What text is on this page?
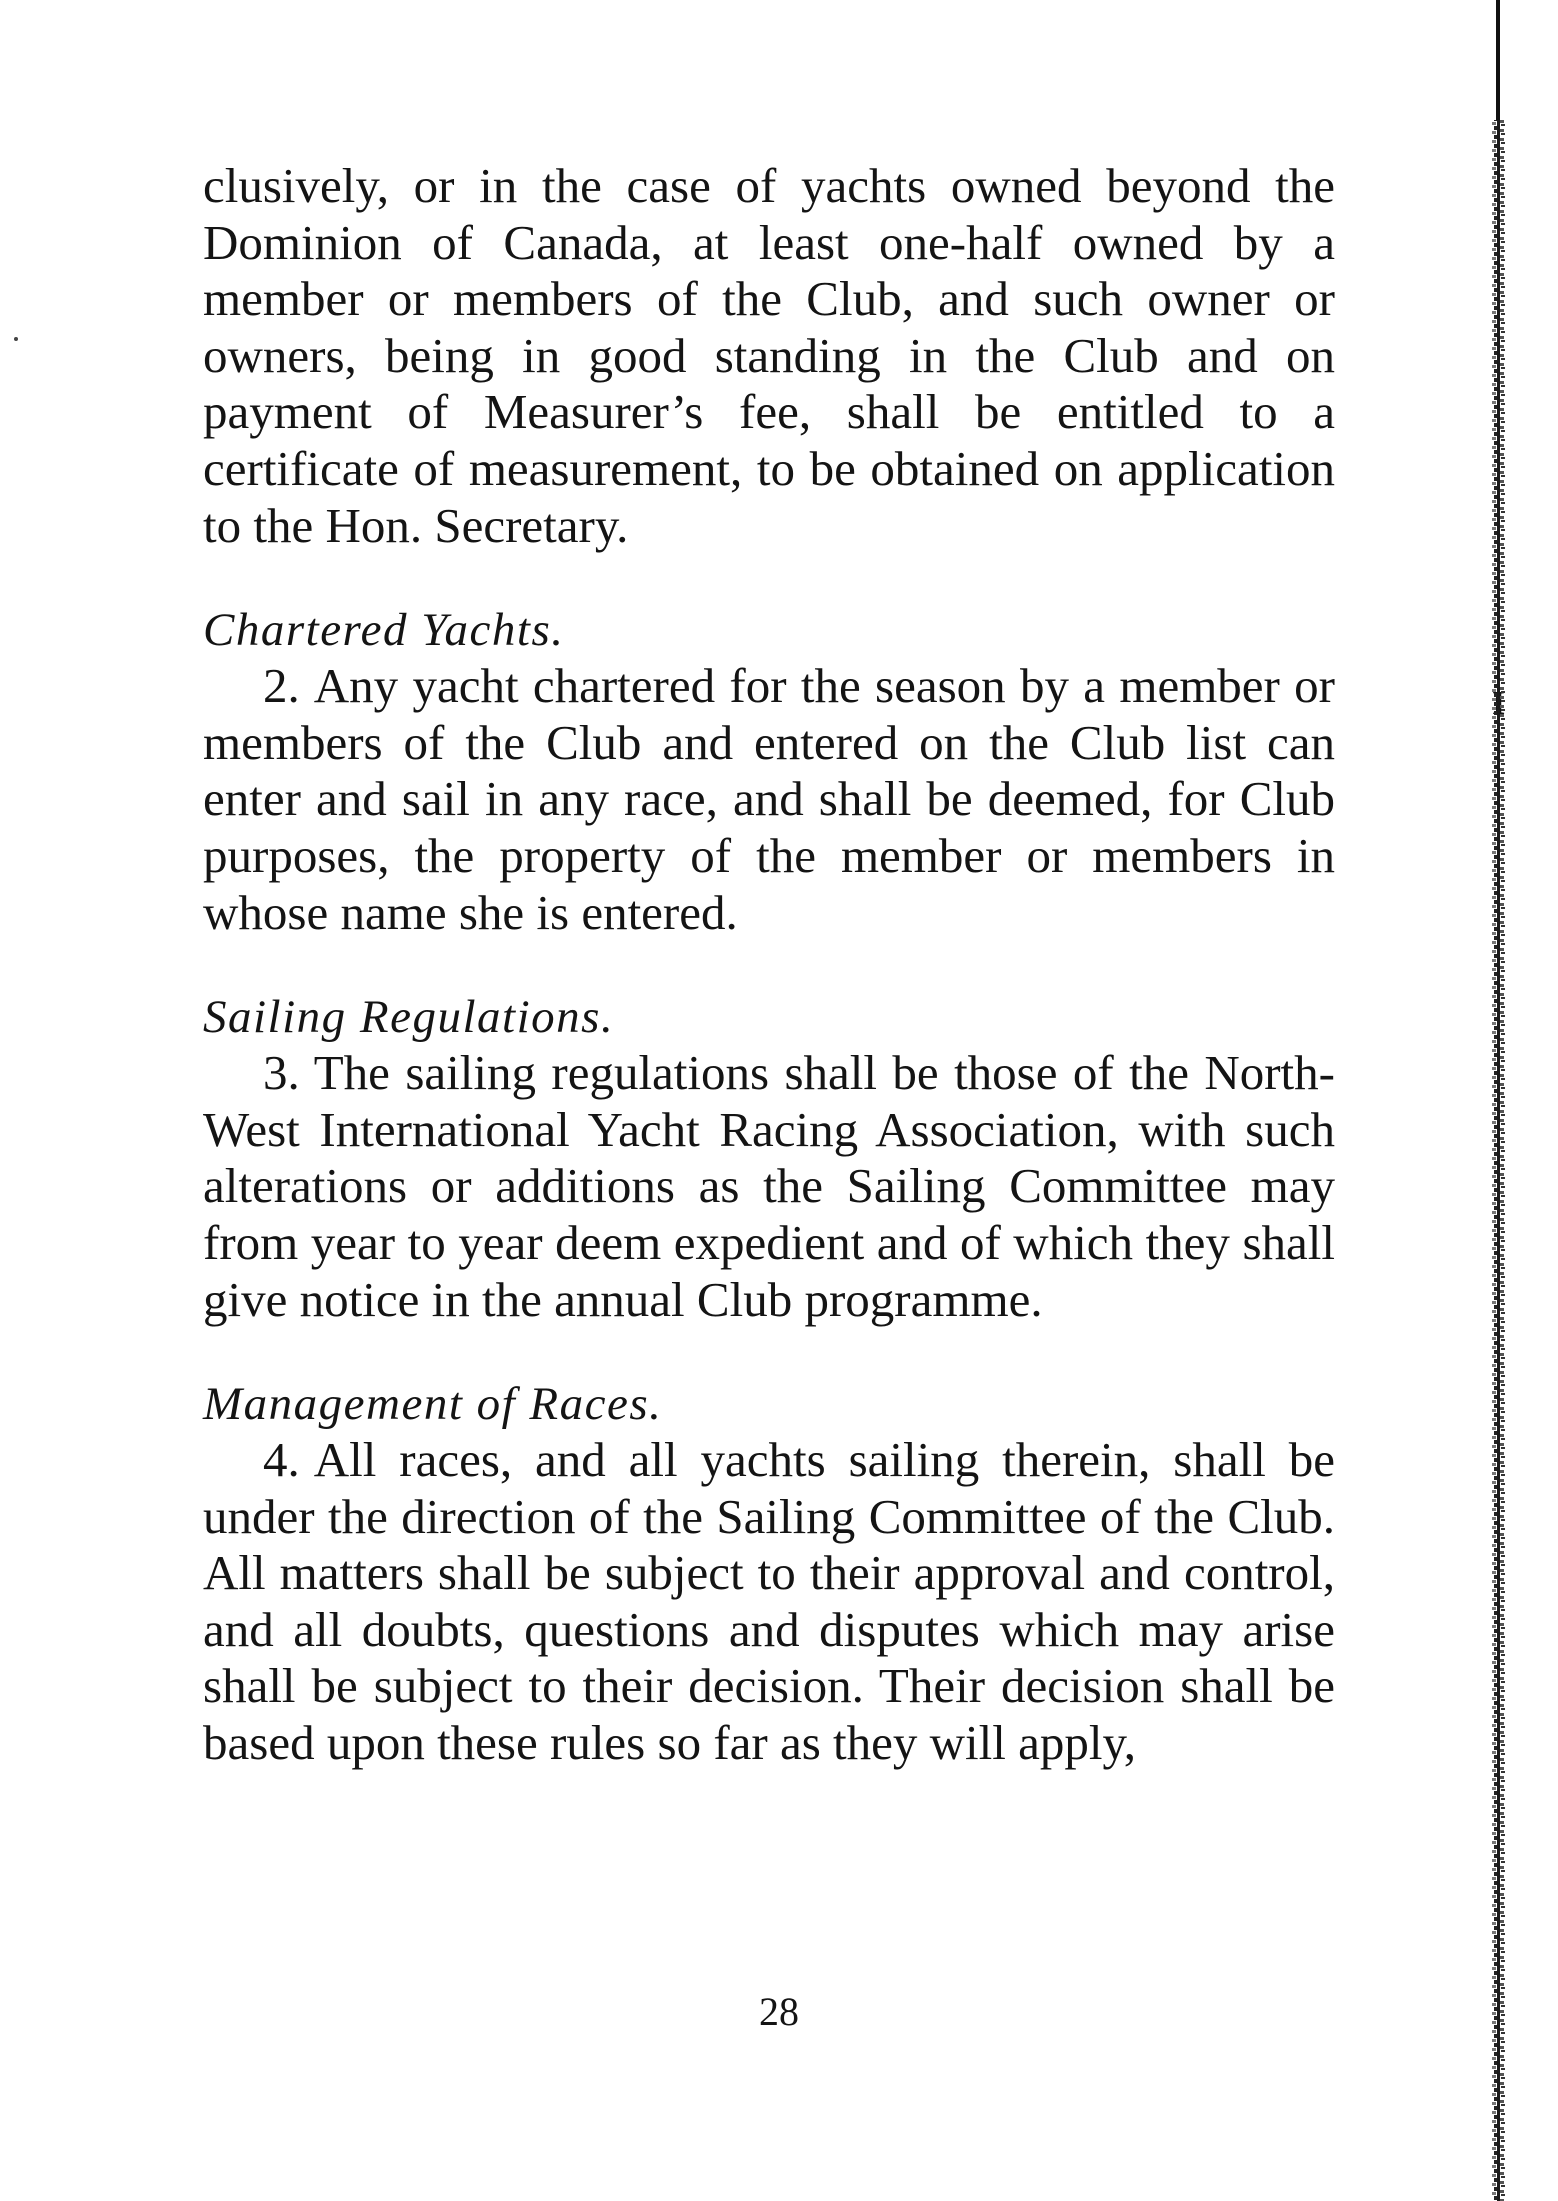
clusively, or in the case of yachts owned beyond the Dominion of Canada, at least one-half owned by a member or members of the Club, and such owner or owners, being in good standing in the Club and on payment of Measurer’s fee, shall be entitled to a certificate of measurement, to be obtained on application to the Hon. Secretary.

Chartered Yachts.

2. Any yacht chartered for the season by a member or members of the Club and entered on the Club list can enter and sail in any race, and shall be deemed, for Club purposes, the property of the member or members in whose name she is entered.

Sailing Regulations.

3. The sailing regulations shall be those of the North-West International Yacht Racing Association, with such alterations or additions as the Sailing Committee may from year to year deem expedient and of which they shall give notice in the annual Club programme.

Management of Races.

4. All races, and all yachts sailing therein, shall be under the direction of the Sailing Committee of the Club. All matters shall be subject to their approval and control, and all doubts, questions and disputes which may arise shall be subject to their decision. Their decision shall be based upon these rules so far as they will apply,

28
